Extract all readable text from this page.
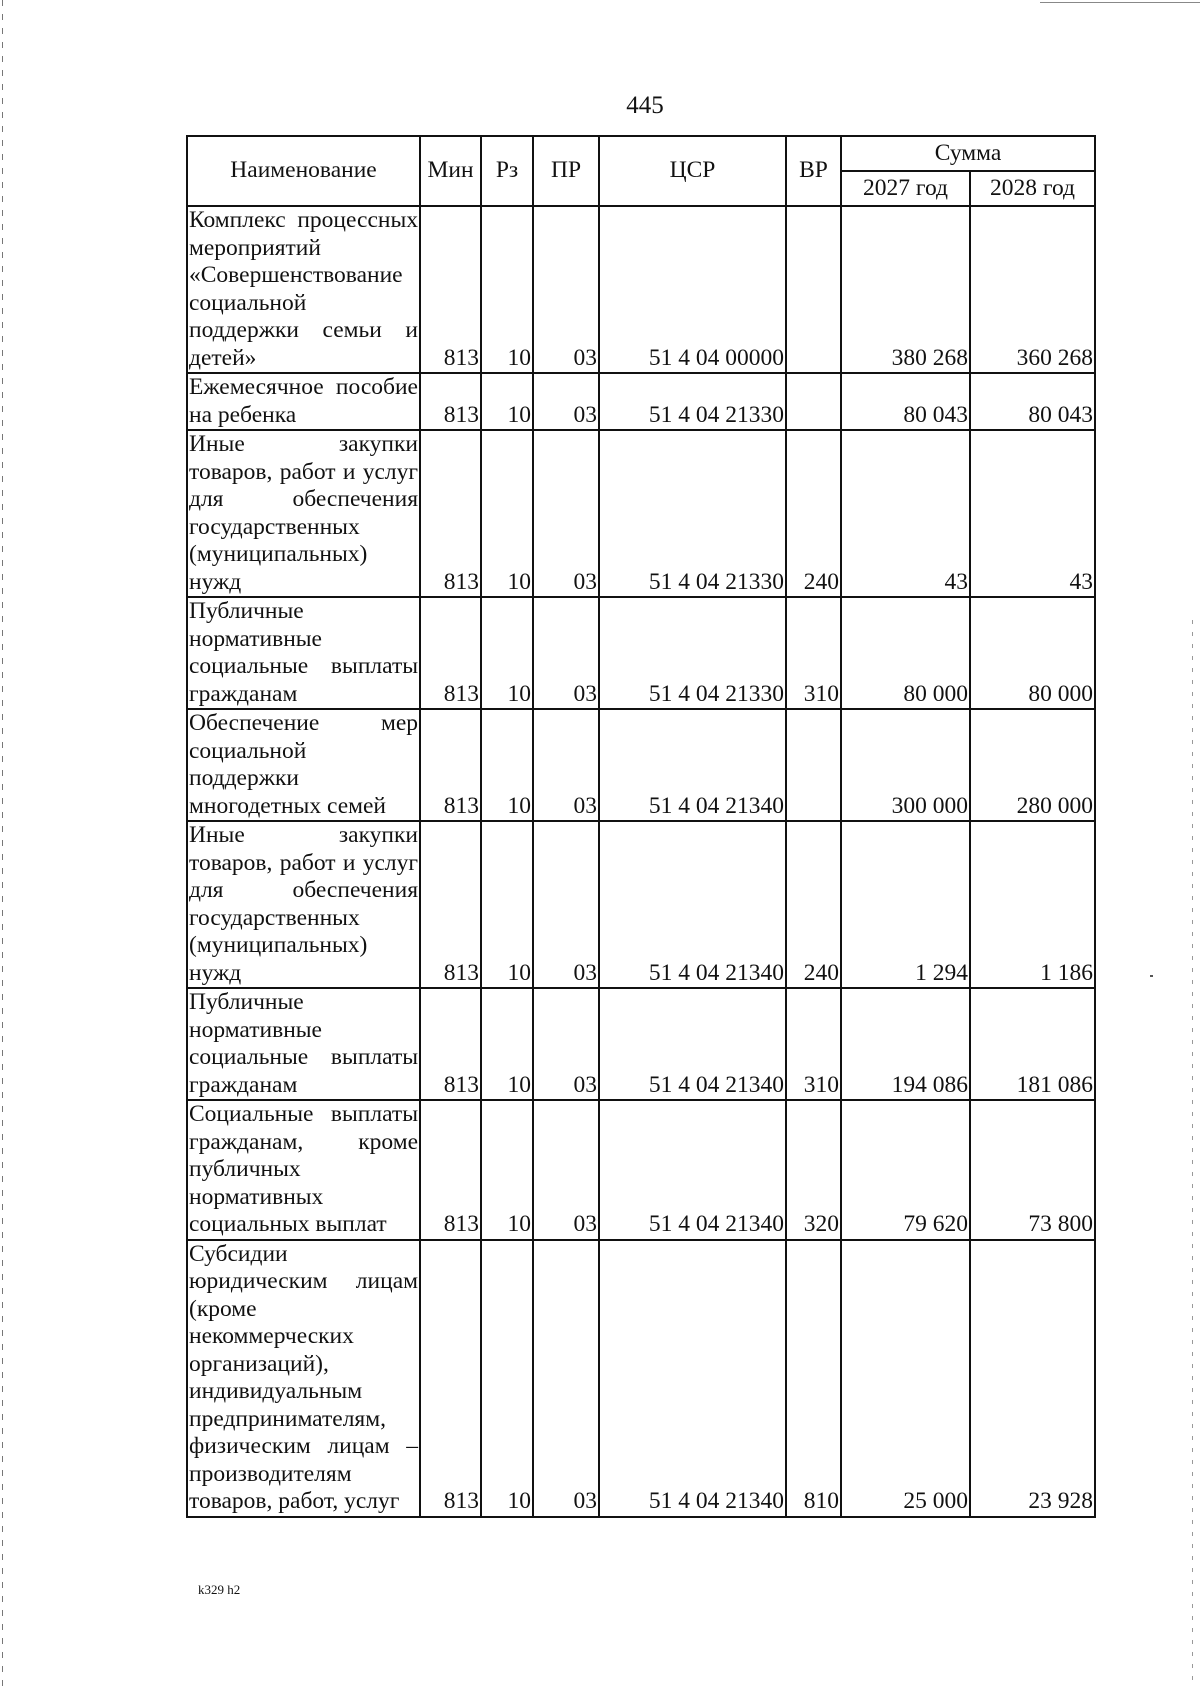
445
Наименование	Мин	Рз	ПР	ЦСР	ВР	Сумма	
						2027 год	2028 год
Комплекс процессных мероприятий «Совершенствование социальной поддержки семьи и детей»	813	10	03	51 4 04 00000		380 268	360 268
Ежемесячное пособие на ребенка	813	10	03	51 4 04 21330		80 043	80 043
Иные закупки товаров, работ и услуг для обеспечения государственных (муниципальных) нужд	813	10	03	51 4 04 21330	240	43	43
Публичные нормативные социальные выплаты гражданам	813	10	03	51 4 04 21330	310	80 000	80 000
Обеспечение мер социальной поддержки многодетных семей	813	10	03	51 4 04 21340		300 000	280 000
Иные закупки товаров, работ и услуг для обеспечения государственных (муниципальных) нужд	813	10	03	51 4 04 21340	240	1 294	1 186
Публичные нормативные социальные выплаты гражданам	813	10	03	51 4 04 21340	310	194 086	181 086
Социальные выплаты гражданам, кроме публичных нормативных социальных выплат	813	10	03	51 4 04 21340	320	79 620	73 800
Субсидии юридическим лицам (кроме некоммерческих организаций), индивидуальным предпринимателям, физическим лицам – производителям товаров, работ, услуг	813	10	03	51 4 04 21340	810	25 000	23 928
k329 h2
